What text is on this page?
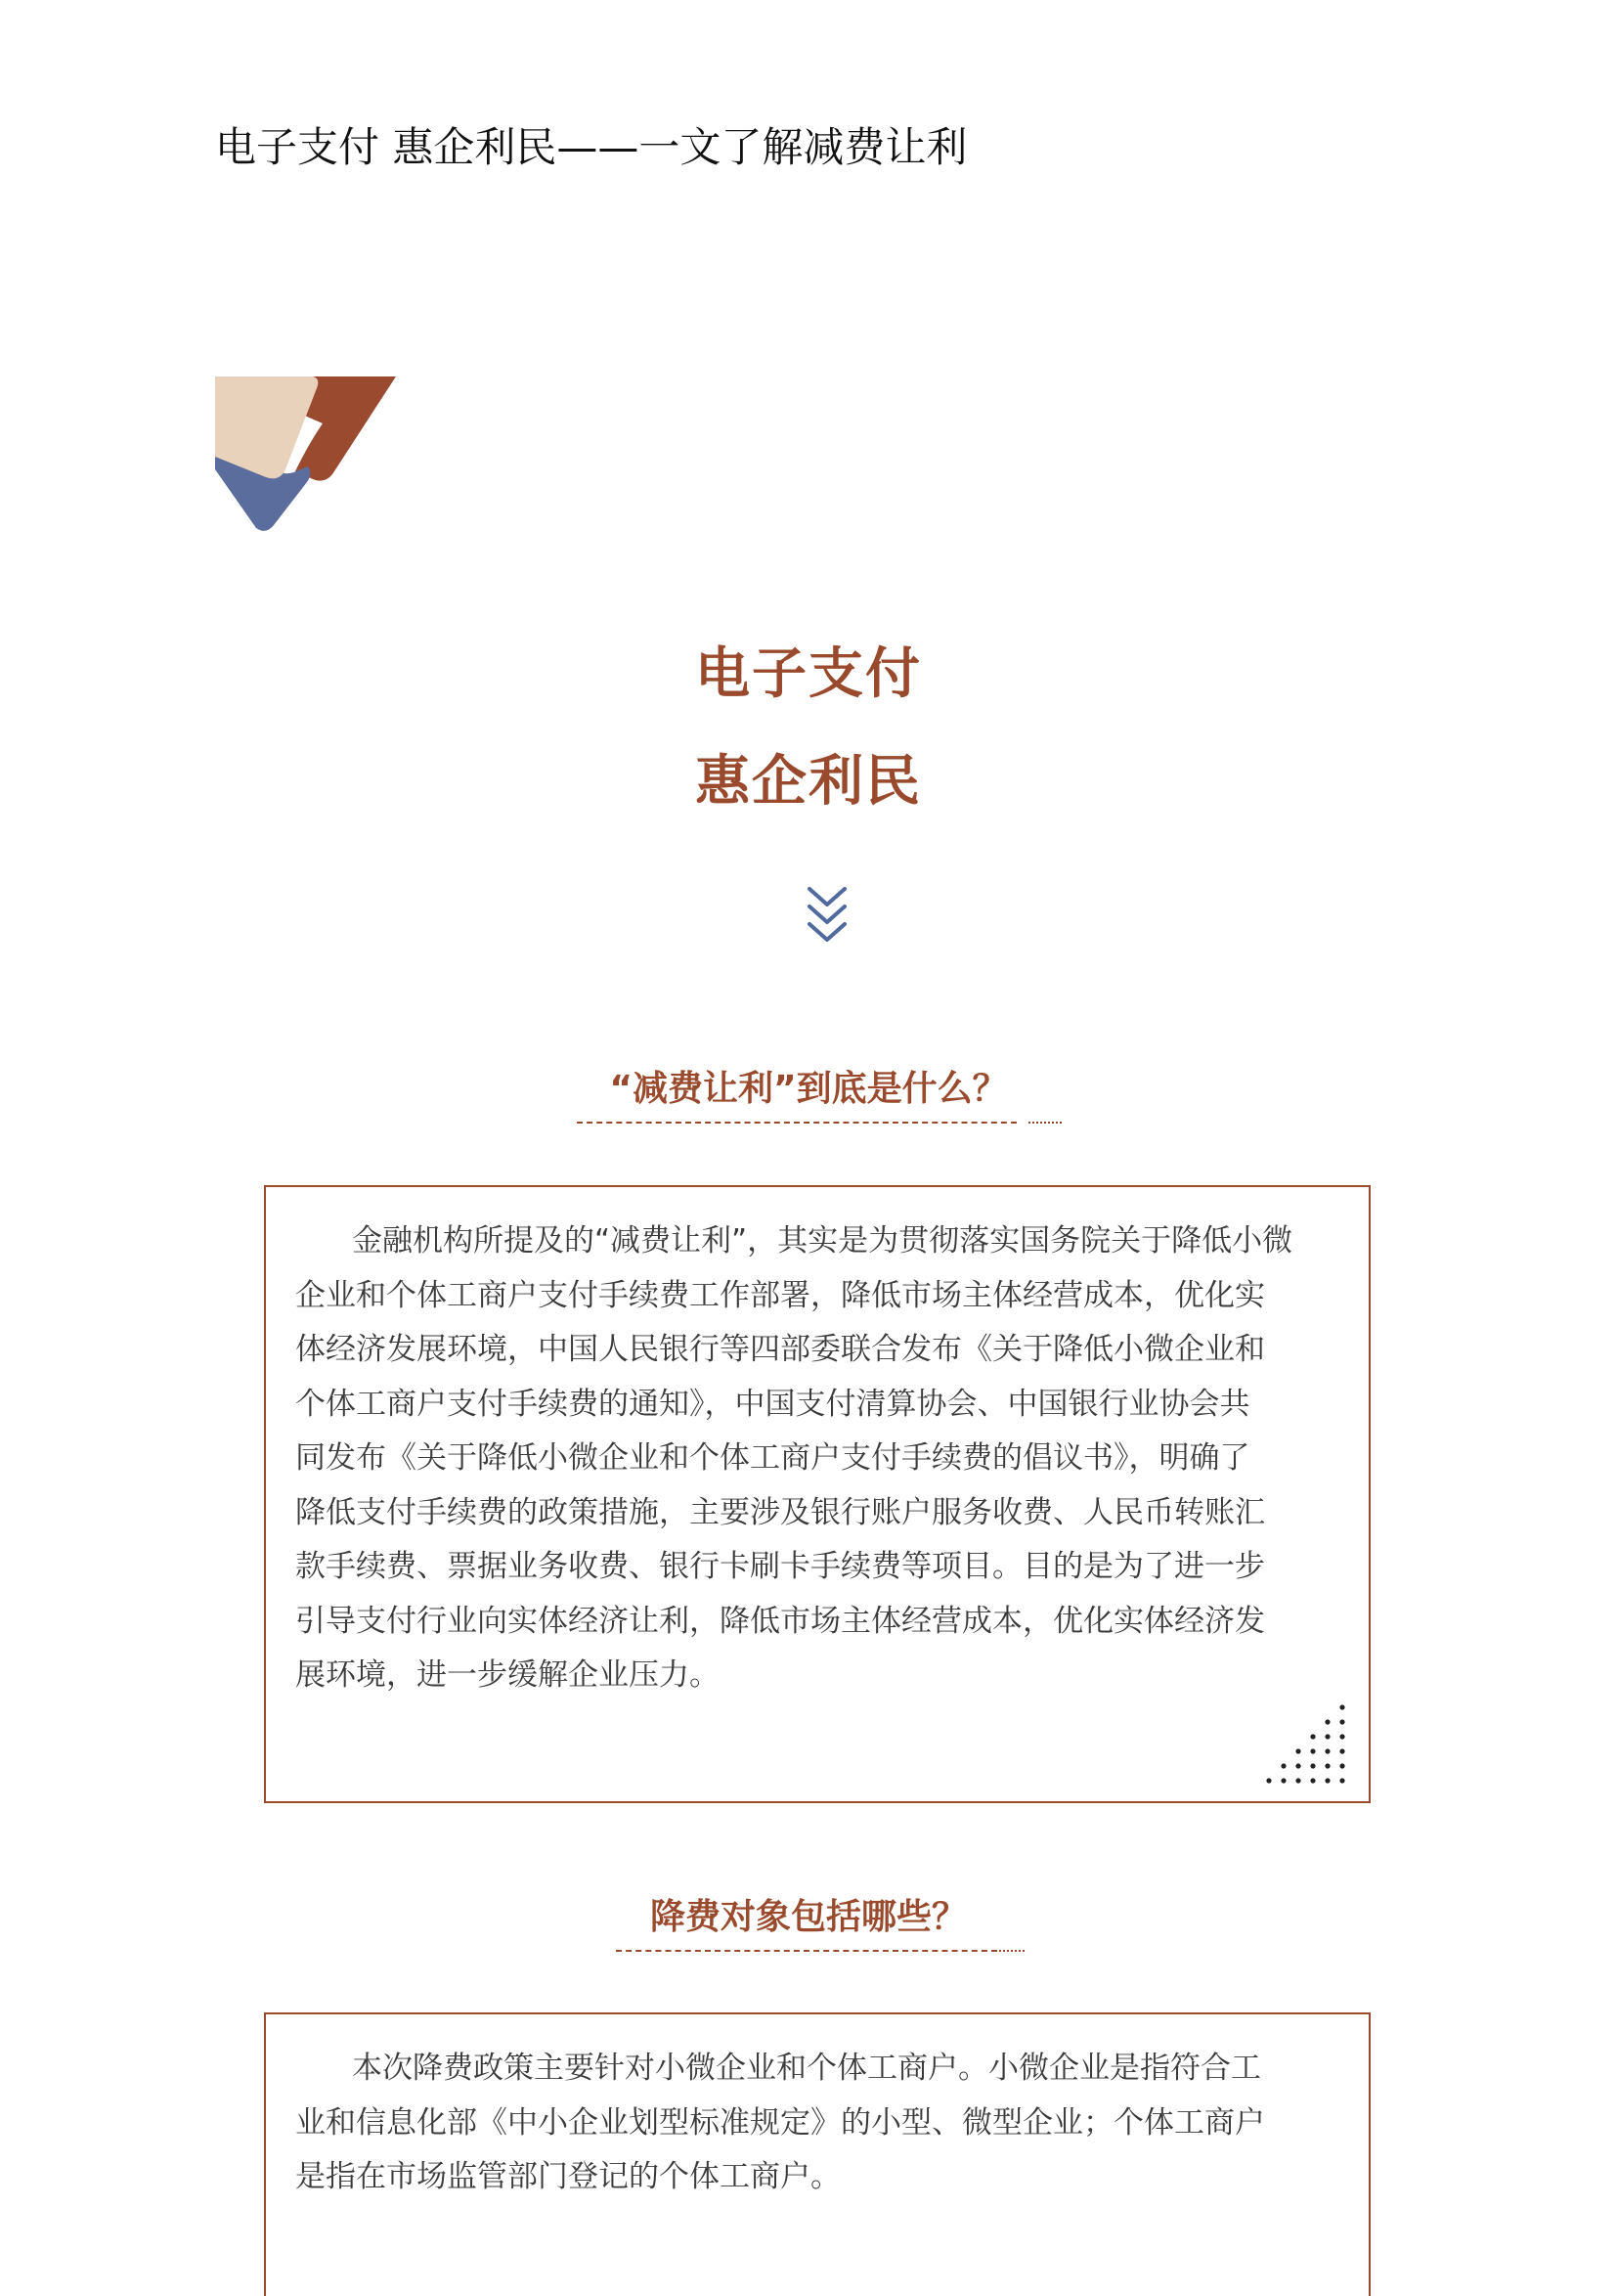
电子支付 惠企利民——一文了解减费让利
电子支付
惠企利民
“减费让利”到底是什么？
金融机构所提及的“减费让利”，其实是为贯彻落实国务院关于降低小微
企业和个体工商户支付手续费工作部署，降低市场主体经营成本，优化实
体经济发展环境，中国人民银行等四部委联合发布《关于降低小微企业和
个体工商户支付手续费的通知》，中国支付清算协会、中国银行业协会共
同发布《关于降低小微企业和个体工商户支付手续费的倡议书》，明确了
降低支付手续费的政策措施，主要涉及银行账户服务收费、人民币转账汇
款手续费、票据业务收费、银行卡刷卡手续费等项目。目的是为了进一步
引导支付行业向实体经济让利，降低市场主体经营成本，优化实体经济发
展环境，进一步缓解企业压力。
降费对象包括哪些？
本次降费政策主要针对小微企业和个体工商户。小微企业是指符合工
业和信息化部《中小企业划型标准规定》的小型、微型企业；个体工商户
是指在市场监管部门登记的个体工商户。
